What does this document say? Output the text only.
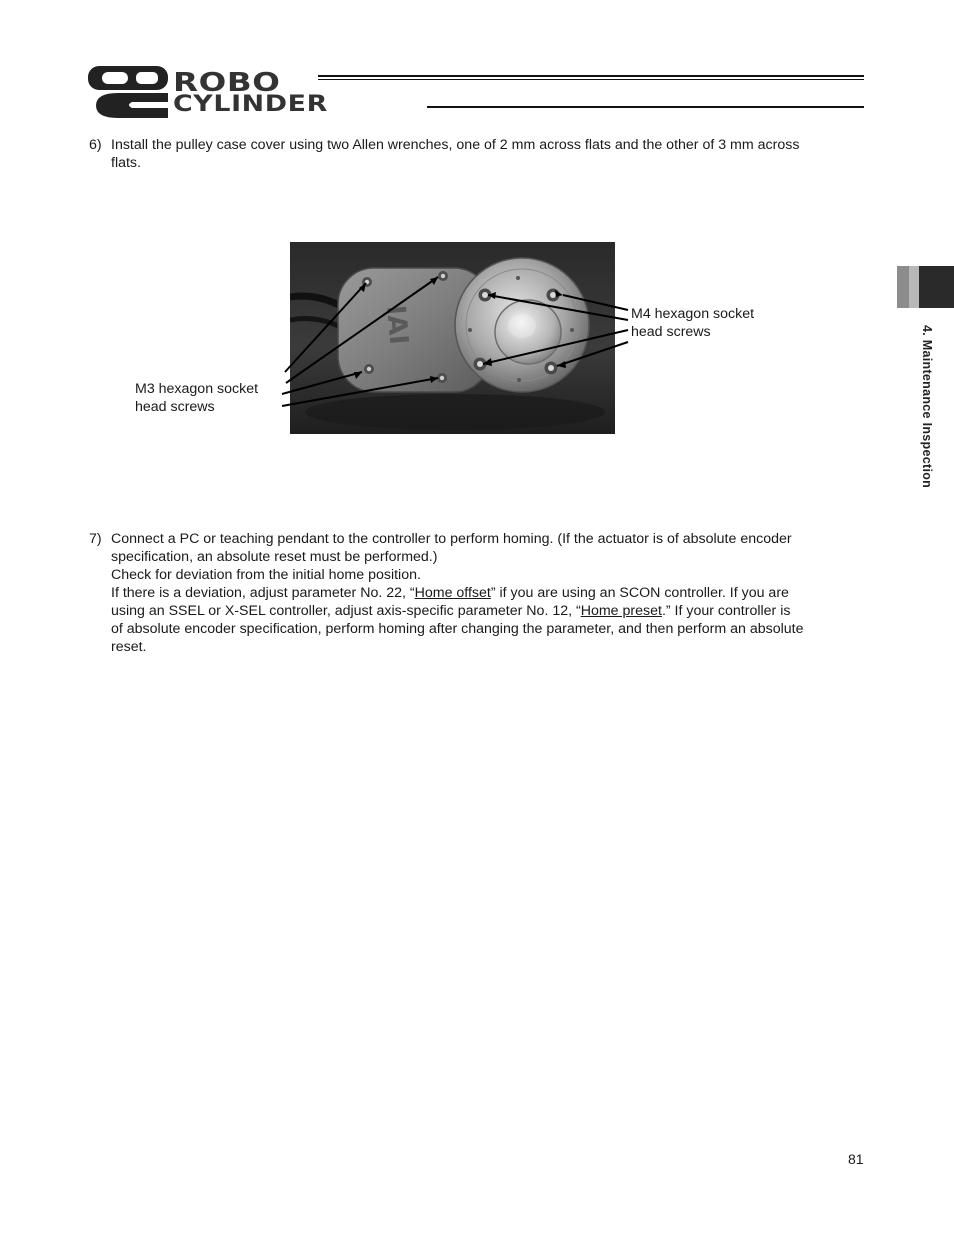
ROBO
CYLINDER
4. Maintenance Inspection
6) Install the pulley case cover using two Allen wrenches, one of 2 mm across flats and the other of 3 mm across
flats.
IAI	M4 hexagon socket
head screws
M3 hexagon socket
head screws
7) Connect a PC or teaching pendant to the controller to perform homing. (If the actuator is of absolute encoder
specification, an absolute reset must be performed.)
Check for deviation from the initial home position.
If there is a deviation, adjust parameter No. 22, “Home offset” if you are using an SCON controller. If you are
using an SSEL or X-SEL controller, adjust axis-specific parameter No. 12, “Home preset.” If your controller is
of absolute encoder specification, perform homing after changing the parameter, and then perform an absolute
reset.
81
